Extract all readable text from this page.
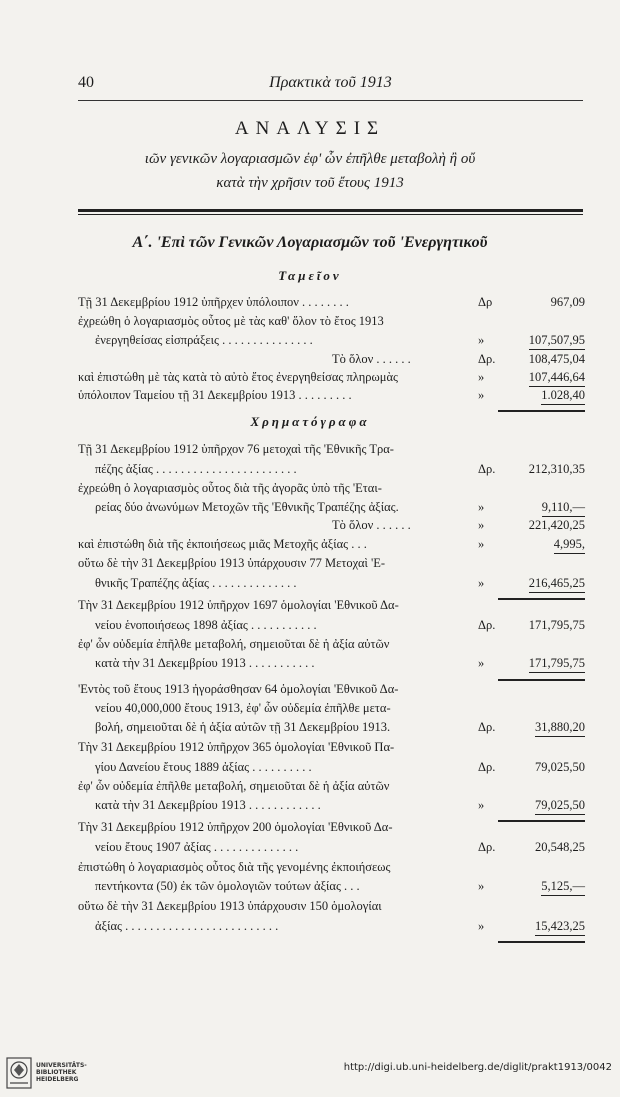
40	Πρακτικὰ τοῦ 1913
ΑΝΑΛΥΣΙΣ
ιῶν γενικῶν λογαριασμῶν ἐφ' ὧν ἐπῆλθε μεταβολὴ ἢ οὔ
κατὰ τὴν χρῆσιν τοῦ ἔτους 1913
Α΄. 'Επὶ τῶν Γενικῶν Λογαριασμῶν τοῦ 'Ενεργητικοῦ
Ταμεῖον
Τῇ 31 Δεκεμβρίου 1912 ὑπῆρχεν ὑπόλοιπον . . . . . . . .	Δρ	967,09
ἐχρεώθη ὁ λογαριασμὸς οὗτος μὲ τὰς καθ' ὅλον τὸ ἔτος 1913
ἐνεργηθείσας εἰσπράξεις . . . . . . . . . . . . . . .	»	107,507,95
Τὸ ὅλον . . . . . .	Δρ.	108,475,04
καὶ ἐπιστώθη μὲ τὰς κατὰ τὸ αὐτὸ ἔτος ἐνεργηθείσας πληρωμὰς	»	107,446,64
ὑπόλοιπον Ταμείου τῇ 31 Δεκεμβρίου 1913 . . . . . . . . .	»	1.028,40
Χρηματόγραφα
Τῇ 31 Δεκεμβρίου 1912 ὑπῆρχον 76 μετοχαὶ τῆς 'Εθνικῆς Τρα-
πέζης ἀξίας . . . . . . . . . . . . . . . . . . . . . . .	Δρ.	212,310,35
ἐχρεώθη ὁ λογαριασμὸς οὗτος διὰ τῆς ἀγορᾶς ὑπὸ τῆς 'Εται-
ρείας δύο ἀνωνύμων Μετοχῶν τῆς 'Εθνικῆς Τραπέζης ἀξίας.	»	9,110,—
Τὸ ὅλον . . . . . .	»	221,420,25
καὶ ἐπιστώθη διὰ τῆς ἐκποιήσεως μιᾶς Μετοχῆς ἀξίας . . .	»	4,995,
οὕτω δὲ τὴν 31 Δεκεμβρίου 1913 ὑπάρχουσιν 77 Μετοχαὶ 'Ε-
θνικῆς Τραπέζης ἀξίας . . . . . . . . . . . . . .	»	216,465,25
Τὴν 31 Δεκεμβρίου 1912 ὑπῆρχον 1697 ὁμολογίαι 'Εθνικοῦ Δα-
νείου ἑνοποιήσεως 1898 ἀξίας . . . . . . . . . . .	Δρ.	171,795,75
ἐφ' ὧν οὐδεμία ἐπῆλθε μεταβολή, σημειοῦται δὲ ἡ ἀξία αὐτῶν
κατὰ τὴν 31 Δεκεμβρίου 1913 . . . . . . . . . . .	»	171,795,75
'Εντὸς τοῦ ἔτους 1913 ἠγοράσθησαν 64 ὁμολογίαι 'Εθνικοῦ Δα-
νείου 40,000,000 ἔτους 1913, ἐφ' ὧν οὐδεμία ἐπῆλθε μετα-
βολή, σημειοῦται δὲ ἡ ἀξία αὐτῶν τῇ 31 Δεκεμβρίου 1913.	Δρ.	31,880,20
Τὴν 31 Δεκεμβρίου 1912 ὑπῆρχον 365 ὁμολογίαι 'Εθνικοῦ Πα-
γίου Δανείου ἔτους 1889 ἀξίας . . . . . . . . . .	Δρ.	79,025,50
ἐφ' ὧν οὐδεμία ἐπῆλθε μεταβολή, σημειοῦται δὲ ἡ ἀξία αὐτῶν
κατὰ τὴν 31 Δεκεμβρίου 1913 . . . . . . . . . . . .	»	79,025,50
Τὴν 31 Δεκεμβρίου 1912 ὑπῆρχον 200 ὁμολογίαι 'Εθνικοῦ Δα-
νείου ἔτους 1907 ἀξίας . . . . . . . . . . . . . .	Δρ.	20,548,25
ἐπιστώθη ὁ λογαριασμὸς οὗτος διὰ τῆς γενομένης ἐκποιήσεως
πεντήκοντα (50) ἐκ τῶν ὁμολογιῶν τούτων ἀξίας . . .	»	5,125,—
οὕτω δὲ τὴν 31 Δεκεμβρίου 1913 ὑπάρχουσιν 150 ὁμολογίαι
ἀξίας . . . . . . . . . . . . . . . . . . . . . . . . .	»	15,423,25
UNIVERSITÄTS-
BIBLIOTHEK
HEIDELBERG
http://digi.ub.uni-heidelberg.de/diglit/prakt1913/0042
